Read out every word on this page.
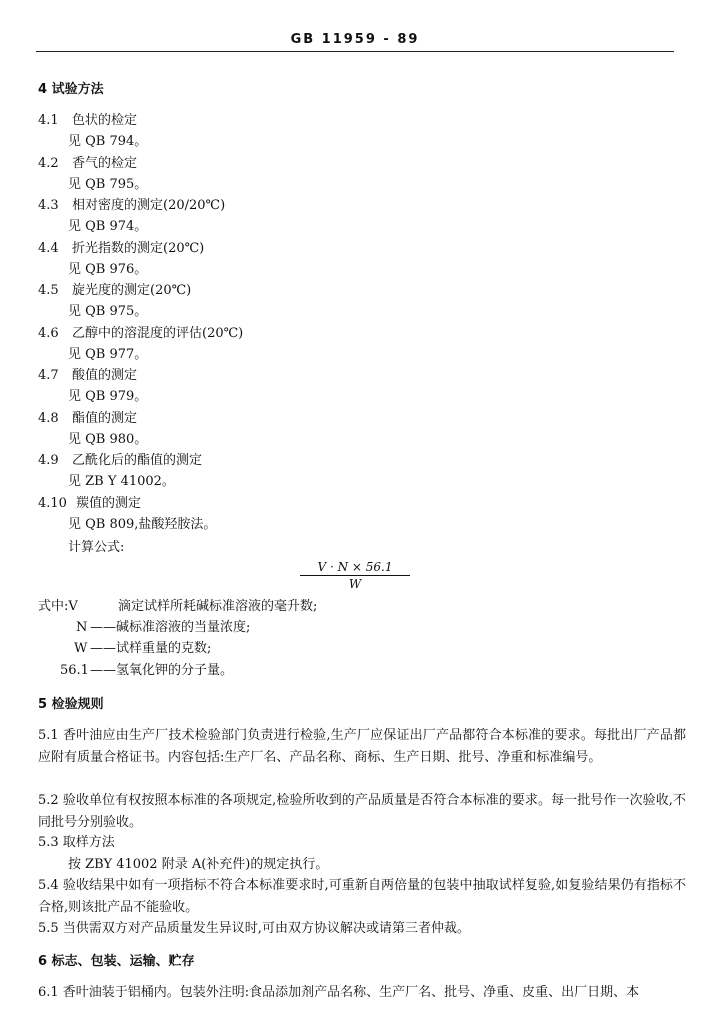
GB 11959 - 89
4 试验方法
4.1 色状的检定
见 QB 794。
4.2 香气的检定
见 QB 795。
4.3 相对密度的测定(20/20℃)
见 QB 974。
4.4 折光指数的测定(20℃)
见 QB 976。
4.5 旋光度的测定(20℃)
见 QB 975。
4.6 乙醇中的溶混度的评估(20℃)
见 QB 977。
4.7 酸值的测定
见 QB 979。
4.8 酯值的测定
见 QB 980。
4.9 乙酰化后的酯值的测定
见 ZB Y 41002。
4.10 羰值的测定
见 QB 809,盐酸羟胺法。
计算公式:
$\frac{V \cdot N \times 56.1}{W}$
式中:V	滴定试样所耗碱标准溶液的毫升数;
N ——碱标准溶液的当量浓度;
W ——试样重量的克数;
56.1 ——氢氧化钾的分子量。
5 检验规则
5.1 香叶油应由生产厂技术检验部门负责进行检验,生产厂应保证出厂产品都符合本标准的要求。每批出厂产品都应附有质量合格证书。内容包括:生产厂名、产品名称、商标、生产日期、批号、净重和标准编号。
5.2 验收单位有权按照本标准的各项规定,检验所收到的产品质量是否符合本标准的要求。每一批号作一次验收,不同批号分别验收。
5.3 取样方法
按 ZBY 41002 附录 A(补充件)的规定执行。
5.4 验收结果中如有一项指标不符合本标准要求时,可重新自两倍量的包装中抽取试样复验,如复验结果仍有指标不合格,则该批产品不能验收。
5.5 当供需双方对产品质量发生异议时,可由双方协议解决或请第三者仲裁。
6 标志、包装、运输、贮存
6.1 香叶油装于铝桶内。包装外注明:食品添加剂产品名称、生产厂名、批号、净重、皮重、出厂日期、本
